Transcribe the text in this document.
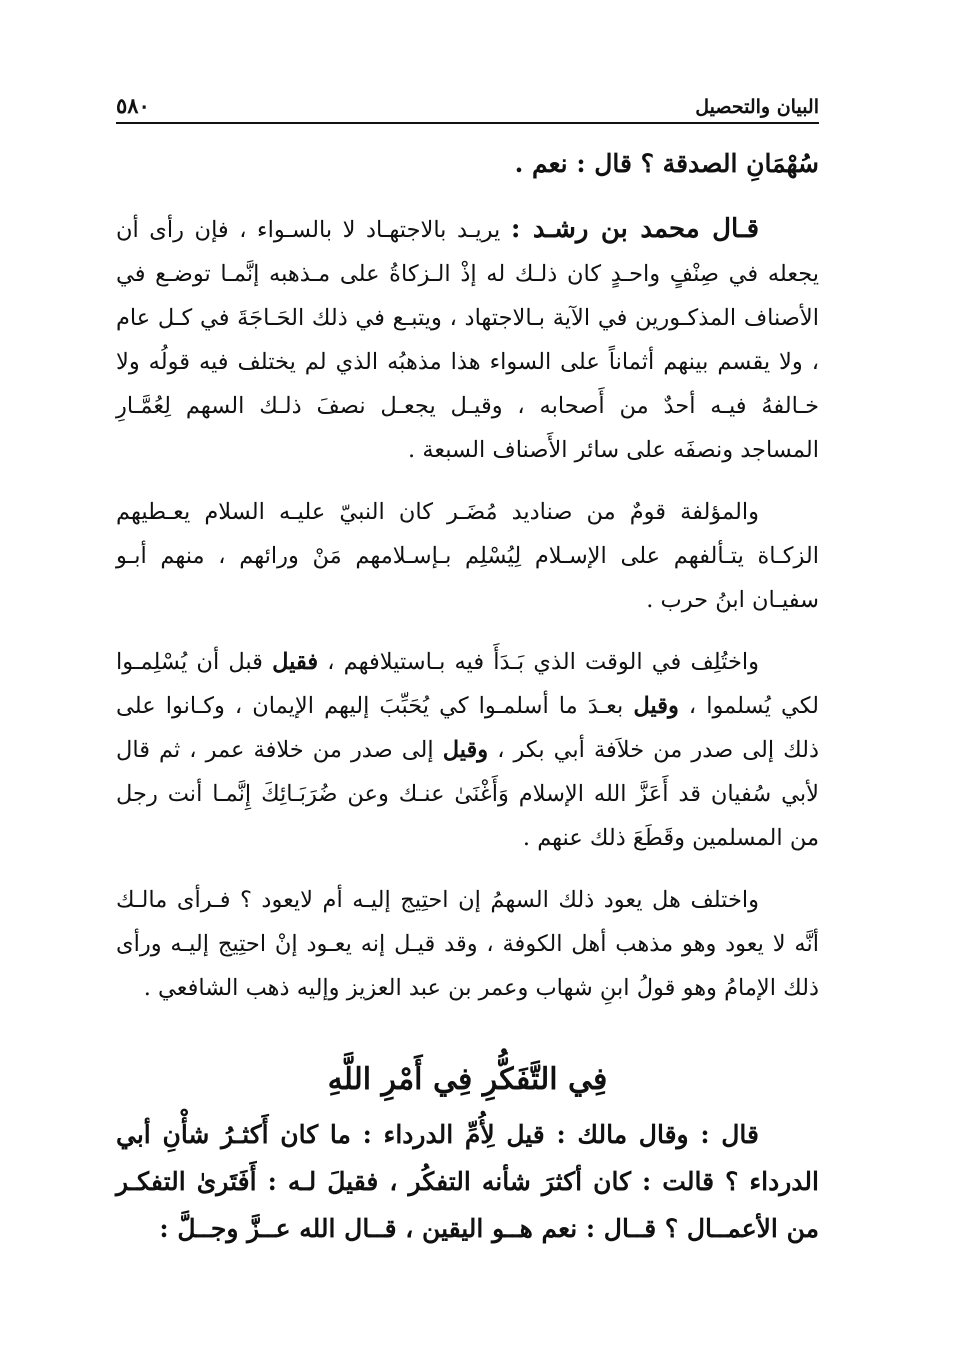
البيان والتحصيل
٥٨٠

سُهْمَانِ الصدقة ؟ قال : نعم .

قـال محمد بن رشـد : يريـد بالاجتهـاد لا بالسـواء ، فإن رأى أن يجعله في صِنْفٍ واحـدٍ كان ذلـك له إذْ الـزكاةُ على مـذهبه إنَّمـا توضـع في الأصناف المذكـورين في الآية بـالاجتهاد ، ويتبـع في ذلك الحَـاجَةَ في كـل عام ، ولا يقسم بينهم أثماناً على السواء هذا مذهبُه الذي لم يختلف فيه قولُه ولا خـالفهُ فيـه أحدٌ من أَصحابه ، وقيـل يجعـل نصفَ ذلـك السهم لِعُمَّـارِ المساجد ونصفَه على سائر الأَصناف السبعة .

والمؤلفة قومٌ من صناديد مُضَـر كان النبيّ عليـه السلام يعـطيهم الزكـاة يتـألفهم على الإسـلام لِيُسْلِم بـإسـلامهم مَنْ ورائهم ، منهم أبـو سفيـان ابنُ حرب .

واختُلِف في الوقت الذي بَـدَأَ فيه بـاستيلافهم ، فقيل قبل أن يُسْلِمـوا لكي يُسلموا ، وقيل بعـدَ ما أسلمـوا كي يُحَبِّبَ إليهم الإيمان ، وكـانوا على ذلك إلى صدر من خلاَفة أبي بكر ، وقيل إلى صدر من خلافة عمر ، ثم قال لأبي سُفيان قد أَعَزَّ الله الإسلام وَأَغْنَىٰ عنـك وعن ضُرَبَـائِكَ إِنَّمـا أنت رجل من المسلمين وقَطَعَ ذلك عنهم .

واختلف هل يعود ذلك السهمُ إن احتِيج إليـه أم لايعود ؟ فـرأى مالـك أنَّه لا يعود وهو مذهب أهل الكوفة ، وقد قيـل إنه يعـود إنْ احتِيج إليـه ورأى ذلك الإمامُ وهو قولُ ابنِ شهاب وعمر بن عبد العزيز وإليه ذهب الشافعي .

فِي التَّفَكُّرِ فِي أَمْرِ اللَّهِ

قال : وقال مالك : قيل لِأُمِّ الدرداء : ما كان أَكثـرُ شأْنِ أبي الدرداء ؟ قالت : كان أكثرَ شأنه التفكُر ، فقيلَ لـه : أَفَتَرىٰ التفكـر من الأعمــال ؟ قــال : نعم هــو اليقين ، قــال الله عــزَّ وجــلَّ :
